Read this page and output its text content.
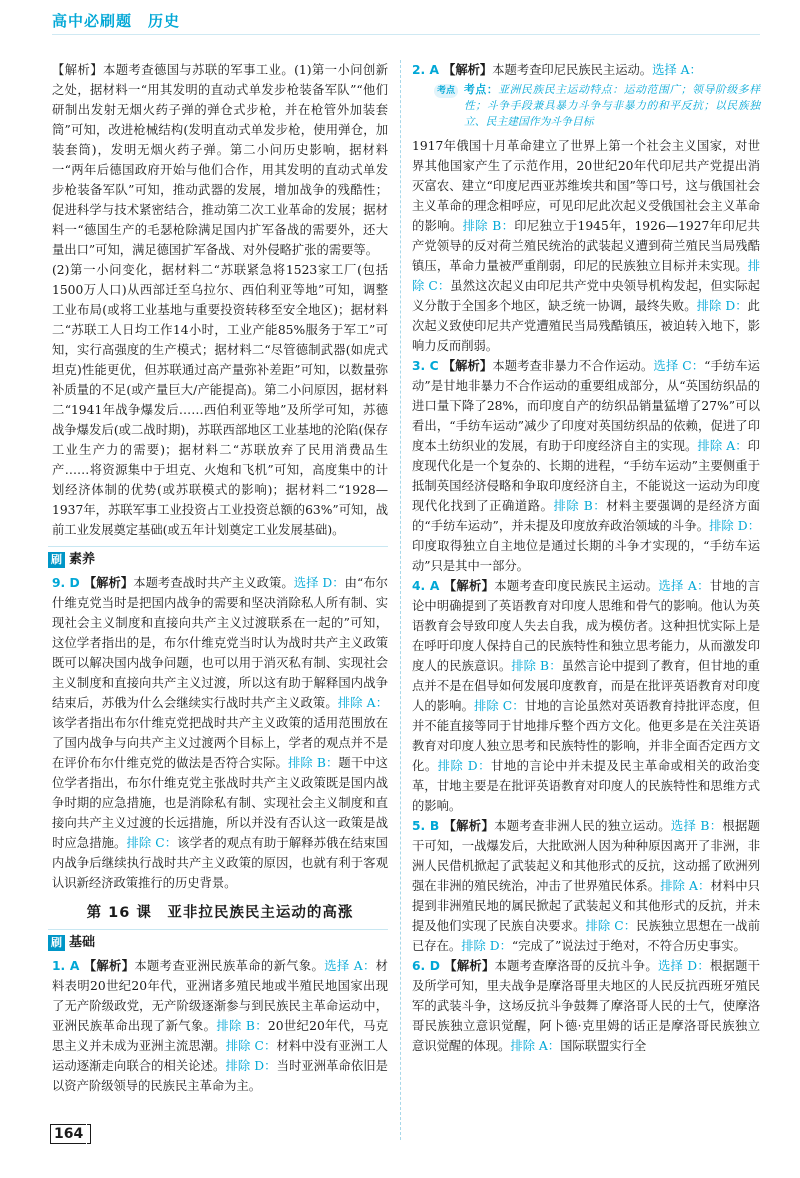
高中必刷题　历史

【解析】本题考查德国与苏联的军事工业。(1)第一小问创新之处，据材料一“用其发明的直动式单发步枪装备军队”“他们研制出发射无烟火药子弹的弹仓式步枪，并在枪管外加装套筒”可知，改进枪械结构(发明直动式单发步枪，使用弹仓，加装套筒)，发明无烟火药子弹。第二小问历史影响，据材料一“两年后德国政府开始与他们合作，用其发明的直动式单发步枪装备军队”可知，推动武器的发展，增加战争的残酷性；促进科学与技术紧密结合，推动第二次工业革命的发展；据材料一“德国生产的毛瑟枪除满足国内扩军备战的需要外，还大量出口”可知，满足德国扩军备战、对外侵略扩张的需要等。

(2)第一小问变化，据材料二“苏联紧急将1523家工厂(包括1500万人口)从西部迁至乌拉尔、西伯利亚等地”可知，调整工业布局(或将工业基地与重要投资转移至安全地区)；据材料二“苏联工人日均工作14小时，工业产能85%服务于军工”可知，实行高强度的生产模式；据材料二“尽管德制武器(如虎式坦克)性能更优，但苏联通过高产量弥补差距”可知，以数量弥补质量的不足(或产量巨大/产能提高)。第二小问原因，据材料二“1941年战争爆发后……西伯利亚等地”及所学可知，苏德战争爆发后(或二战时期)，苏联西部地区工业基地的沦陷(保存工业生产力的需要)；据材料二“苏联放弃了民用消费品生产……将资源集中于坦克、火炮和飞机”可知，高度集中的计划经济体制的优势(或苏联模式的影响)；据材料二“1928—1937年，苏联军事工业投资占工业投资总额的63%”可知，战前工业发展奠定基础(或五年计划奠定工业发展基础)。

刷 素养

9. D 【解析】本题考查战时共产主义政策。选择 D：由“布尔什维克党当时是把国内战争的需要和坚决消除私人所有制、实现社会主义制度和直接向共产主义过渡联系在一起的”可知，这位学者指出的是，布尔什维克党当时认为战时共产主义政策既可以解决国内战争问题，也可以用于消灭私有制、实现社会主义制度和直接向共产主义过渡，所以这有助于解释国内战争结束后，苏俄为什么会继续实行战时共产主义政策。排除 A：该学者指出布尔什维克党把战时共产主义政策的适用范围放在了国内战争与向共产主义过渡两个目标上，学者的观点并不是在评价布尔什维克党的做法是否符合实际。排除 B：题干中这位学者指出，布尔什维克党主张战时共产主义政策既是国内战争时期的应急措施，也是消除私有制、实现社会主义制度和直接向共产主义过渡的长远措施，所以并没有否认这一政策是战时应急措施。排除 C：该学者的观点有助于解释苏俄在结束国内战争后继续执行战时共产主义政策的原因，也就有利于客观认识新经济政策推行的历史背景。

第 16 课　亚非拉民族民主运动的高涨
刷 基础

1. A 【解析】本题考查亚洲民族革命的新气象。选择 A：材料表明20世纪20年代，亚洲诸多殖民地或半殖民地国家出现了无产阶级政党，无产阶级逐渐参与到民族民主革命运动中，亚洲民族革命出现了新气象。排除 B：20世纪20年代，马克思主义并未成为亚洲主流思潮。排除 C：材料中没有亚洲工人运动逐渐走向联合的相关论述。排除 D：当时亚洲革命依旧是以资产阶级领导的民族民主革命为主。

2. A 【解析】本题考查印尼民族民主运动。选择 A：

考点 考点：亚洲民族民主运动特点：运动范围广；领导阶级多样性；斗争手段兼具暴力斗争与非暴力的和平反抗；以民族独立、民主建国作为斗争目标

1917年俄国十月革命建立了世界上第一个社会主义国家，对世界其他国家产生了示范作用，20世纪20年代印尼共产党提出消灭富农、建立“印度尼西亚苏维埃共和国”等口号，这与俄国社会主义革命的理念相呼应，可见印尼此次起义受俄国社会主义革命的影响。排除 B：印尼独立于1945年，1926—1927年印尼共产党领导的反对荷兰殖民统治的武装起义遭到荷兰殖民当局残酷镇压，革命力量被严重削弱，印尼的民族独立目标并未实现。排除 C：虽然这次起义由印尼共产党中央领导机构发起，但实际起义分散于全国多个地区，缺乏统一协调，最终失败。排除 D：此次起义致使印尼共产党遭殖民当局残酷镇压，被迫转入地下，影响力反而削弱。

3. C 【解析】本题考查非暴力不合作运动。选择 C：“手纺车运动”是甘地非暴力不合作运动的重要组成部分，从“英国纺织品的进口量下降了28%，而印度自产的纺织品销量猛增了27%”可以看出，“手纺车运动”减少了印度对英国纺织品的依赖，促进了印度本土纺织业的发展，有助于印度经济自主的实现。排除 A：印度现代化是一个复杂的、长期的进程，“手纺车运动”主要侧重于抵制英国经济侵略和争取印度经济自主，不能说这一运动为印度现代化找到了正确道路。排除 B：材料主要强调的是经济方面的“手纺车运动”，并未提及印度放弃政治领域的斗争。排除 D：印度取得独立自主地位是通过长期的斗争才实现的，“手纺车运动”只是其中一部分。

4. A 【解析】本题考查印度民族民主运动。选择 A：甘地的言论中明确提到了英语教育对印度人思维和骨气的影响。他认为英语教育会导致印度人失去自我，成为模仿者。这种担忧实际上是在呼吁印度人保持自己的民族特性和独立思考能力，从而激发印度人的民族意识。排除 B：虽然言论中提到了教育，但甘地的重点并不是在倡导如何发展印度教育，而是在批评英语教育对印度人的影响。排除 C：甘地的言论虽然对英语教育持批评态度，但并不能直接等同于甘地排斥整个西方文化。他更多是在关注英语教育对印度人独立思考和民族特性的影响，并非全面否定西方文化。排除 D：甘地的言论中并未提及民主革命或相关的政治变革，甘地主要是在批评英语教育对印度人的民族特性和思维方式的影响。

5. B 【解析】本题考查非洲人民的独立运动。选择 B：根据题干可知，一战爆发后，大批欧洲人因为种种原因离开了非洲，非洲人民借机掀起了武装起义和其他形式的反抗，这动摇了欧洲列强在非洲的殖民统治，冲击了世界殖民体系。排除 A：材料中只提到非洲殖民地的属民掀起了武装起义和其他形式的反抗，并未提及他们实现了民族自决要求。排除 C：民族独立思想在一战前已存在。排除 D：“完成了”说法过于绝对，不符合历史事实。

6. D 【解析】本题考查摩洛哥的反抗斗争。选择 D：根据题干及所学可知，里夫战争是摩洛哥里夫地区的人民反抗西班牙殖民军的武装斗争，这场反抗斗争鼓舞了摩洛哥人民的士气，使摩洛哥民族独立意识觉醒，阿卜德·克里姆的话正是摩洛哥民族独立意识觉醒的体现。排除 A：国际联盟实行全

164
